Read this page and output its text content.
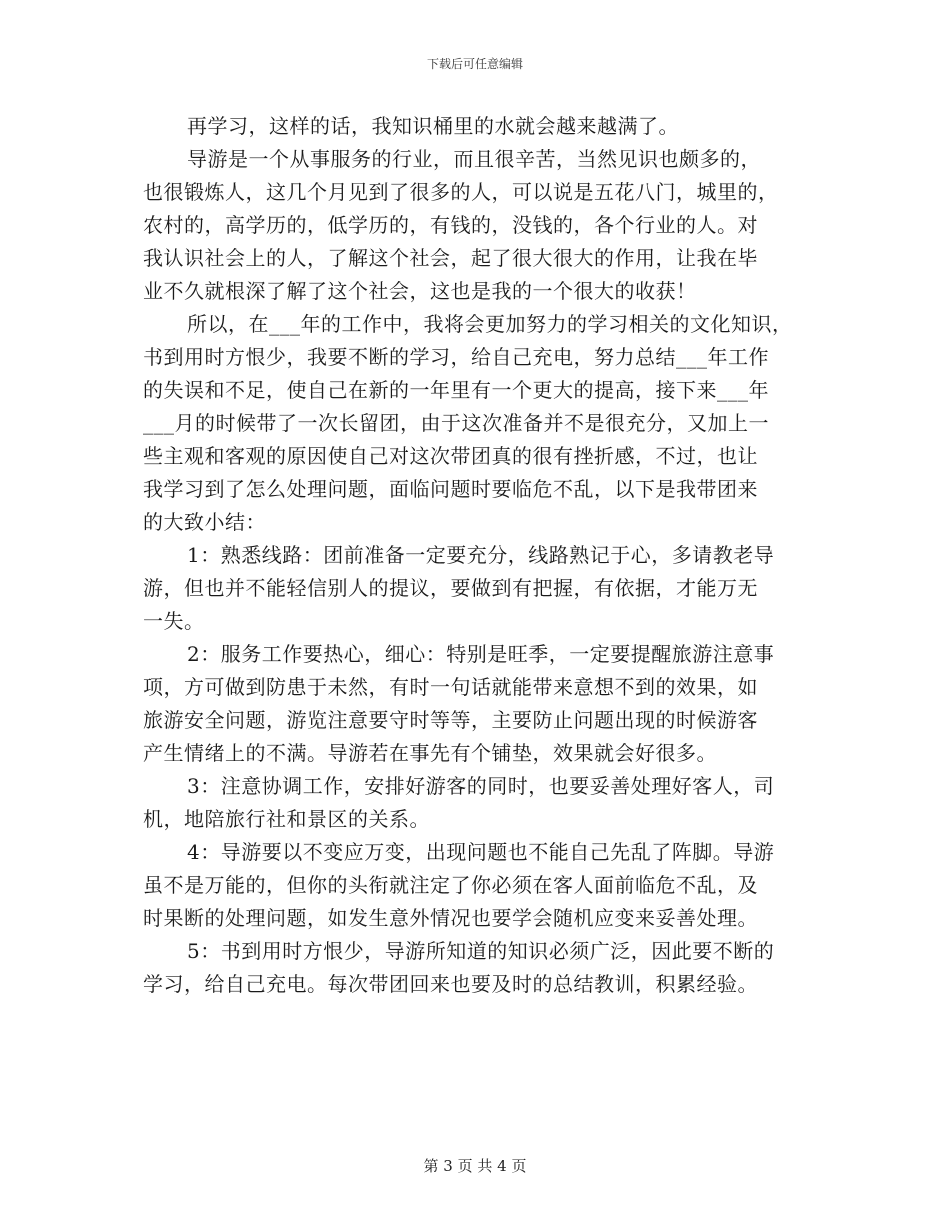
下载后可任意编辑
再学习，这样的话，我知识桶里的水就会越来越满了。
导游是一个从事服务的行业，而且很辛苦，当然见识也颇多的，
也很锻炼人，这几个月见到了很多的人，可以说是五花八门，城里的，
农村的，高学历的，低学历的，有钱的，没钱的，各个行业的人。对
我认识社会上的人，了解这个社会，起了很大很大的作用，让我在毕
业不久就根深了解了这个社会，这也是我的一个很大的收获！
所以，在___年的工作中，我将会更加努力的学习相关的文化知识，
书到用时方恨少，我要不断的学习，给自己充电，努力总结___年工作
的失误和不足，使自己在新的一年里有一个更大的提高，接下来___年
___月的时候带了一次长留团，由于这次准备并不是很充分，又加上一
些主观和客观的原因使自己对这次带团真的很有挫折感，不过，也让
我学习到了怎么处理问题，面临问题时要临危不乱，以下是我带团来
的大致小结：
1：熟悉线路：团前准备一定要充分，线路熟记于心，多请教老导
游，但也并不能轻信别人的提议，要做到有把握，有依据，才能万无
一失。
2：服务工作要热心，细心：特别是旺季，一定要提醒旅游注意事
项，方可做到防患于未然，有时一句话就能带来意想不到的效果，如
旅游安全问题，游览注意要守时等等，主要防止问题出现的时候游客
产生情绪上的不满。导游若在事先有个铺垫，效果就会好很多。
3：注意协调工作，安排好游客的同时，也要妥善处理好客人，司
机，地陪旅行社和景区的关系。
4：导游要以不变应万变，出现问题也不能自己先乱了阵脚。导游
虽不是万能的，但你的头衔就注定了你必须在客人面前临危不乱，及
时果断的处理问题，如发生意外情况也要学会随机应变来妥善处理。
5：书到用时方恨少，导游所知道的知识必须广泛，因此要不断的
学习，给自己充电。每次带团回来也要及时的总结教训，积累经验。
第 3 页 共 4 页
